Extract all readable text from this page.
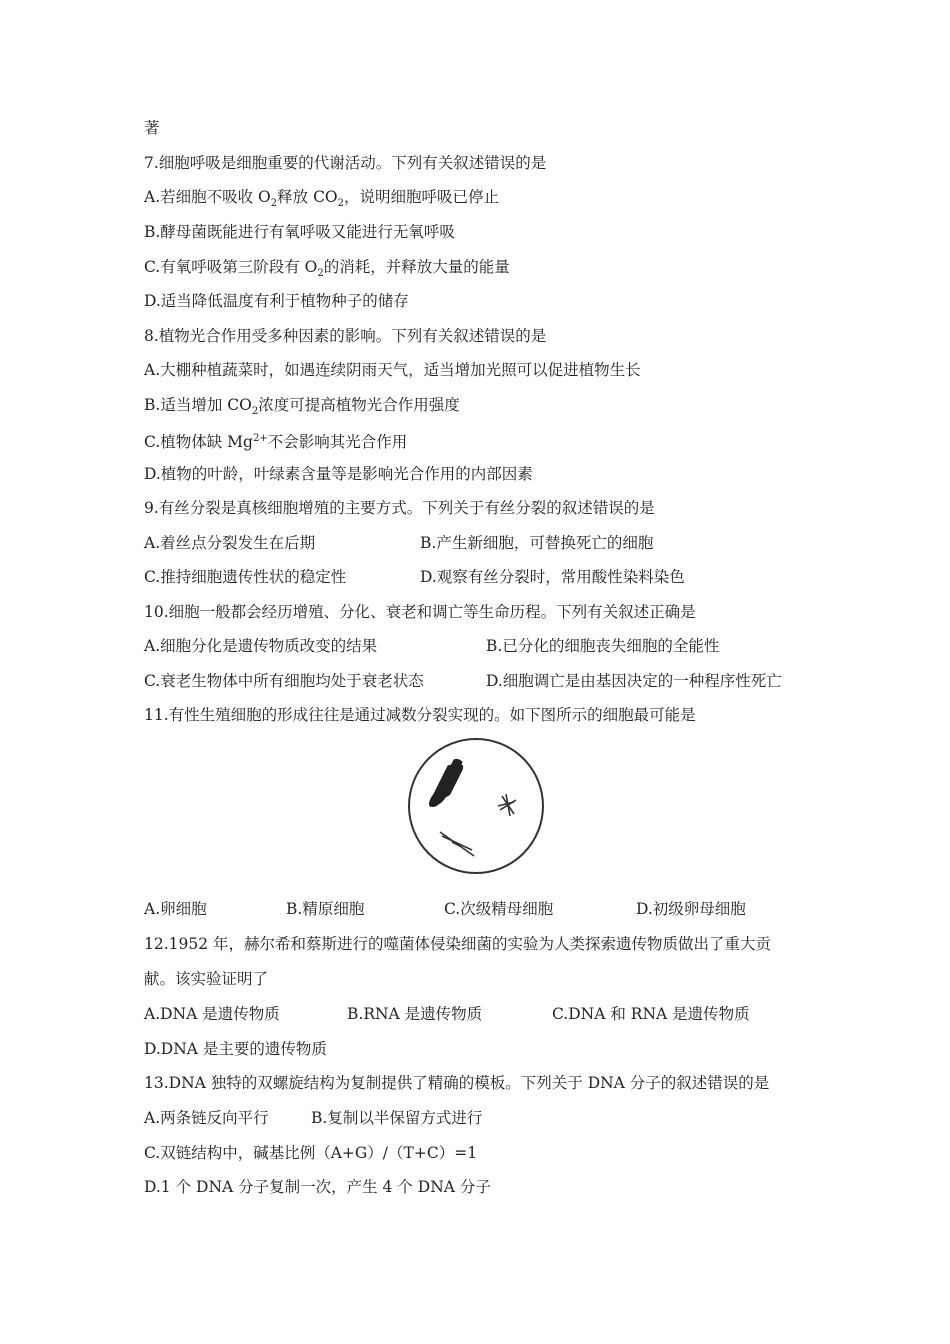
著
7.细胞呼吸是细胞重要的代谢活动。下列有关叙述错误的是
A.若细胞不吸收 $O_2$释放 $CO_2$，说明细胞呼吸已停止
B.酵母菌既能进行有氧呼吸又能进行无氧呼吸
C.有氧呼吸第三阶段有 $O_2$的消耗，并释放大量的能量
D.适当降低温度有利于植物种子的储存
8.植物光合作用受多种因素的影响。下列有关叙述错误的是
A.大棚种植蔬菜时，如遇连续阴雨天气，适当增加光照可以促进植物生长
B.适当增加 $CO_2$浓度可提高植物光合作用强度
C.植物体缺 $Mg^{2+}$不会影响其光合作用
D.植物的叶龄，叶绿素含量等是影响光合作用的内部因素
9.有丝分裂是真核细胞增殖的主要方式。下列关于有丝分裂的叙述错误的是
A.着丝点分裂发生在后期	B.产生新细胞，可替换死亡的细胞
C.推持细胞遗传性状的稳定性	D.观察有丝分裂时，常用酸性染料染色
10.细胞一般都会经历增殖、分化、衰老和调亡等生命历程。下列有关叙述正确是
A.细胞分化是遗传物质改变的结果	B.已分化的细胞丧失细胞的全能性
C.衰老生物体中所有细胞均处于衰老状态	D.细胞调亡是由基因决定的一种程序性死亡
11.有性生殖细胞的形成往往是通过减数分裂实现的。如下图所示的细胞最可能是
A.卵细胞	B.精原细胞	C.次级精母细胞	D.初级卵母细胞
12.1952 年，赫尔希和蔡斯进行的噬菌体侵染细菌的实验为人类探索遗传物质做出了重大贡
献。该实验证明了
A.DNA 是遗传物质	B.RNA 是遗传物质	C.DNA 和 RNA 是遗传物质
D.DNA 是主要的遗传物质
13.DNA 独特的双螺旋结构为复制提供了精确的模板。下列关于 DNA 分子的叙述错误的是
A.两条链反向平行	B.复制以半保留方式进行
C.双链结构中，碱基比例（A+G）/（T+C）=1
D.1 个 DNA 分子复制一次，产生 4 个 DNA 分子
